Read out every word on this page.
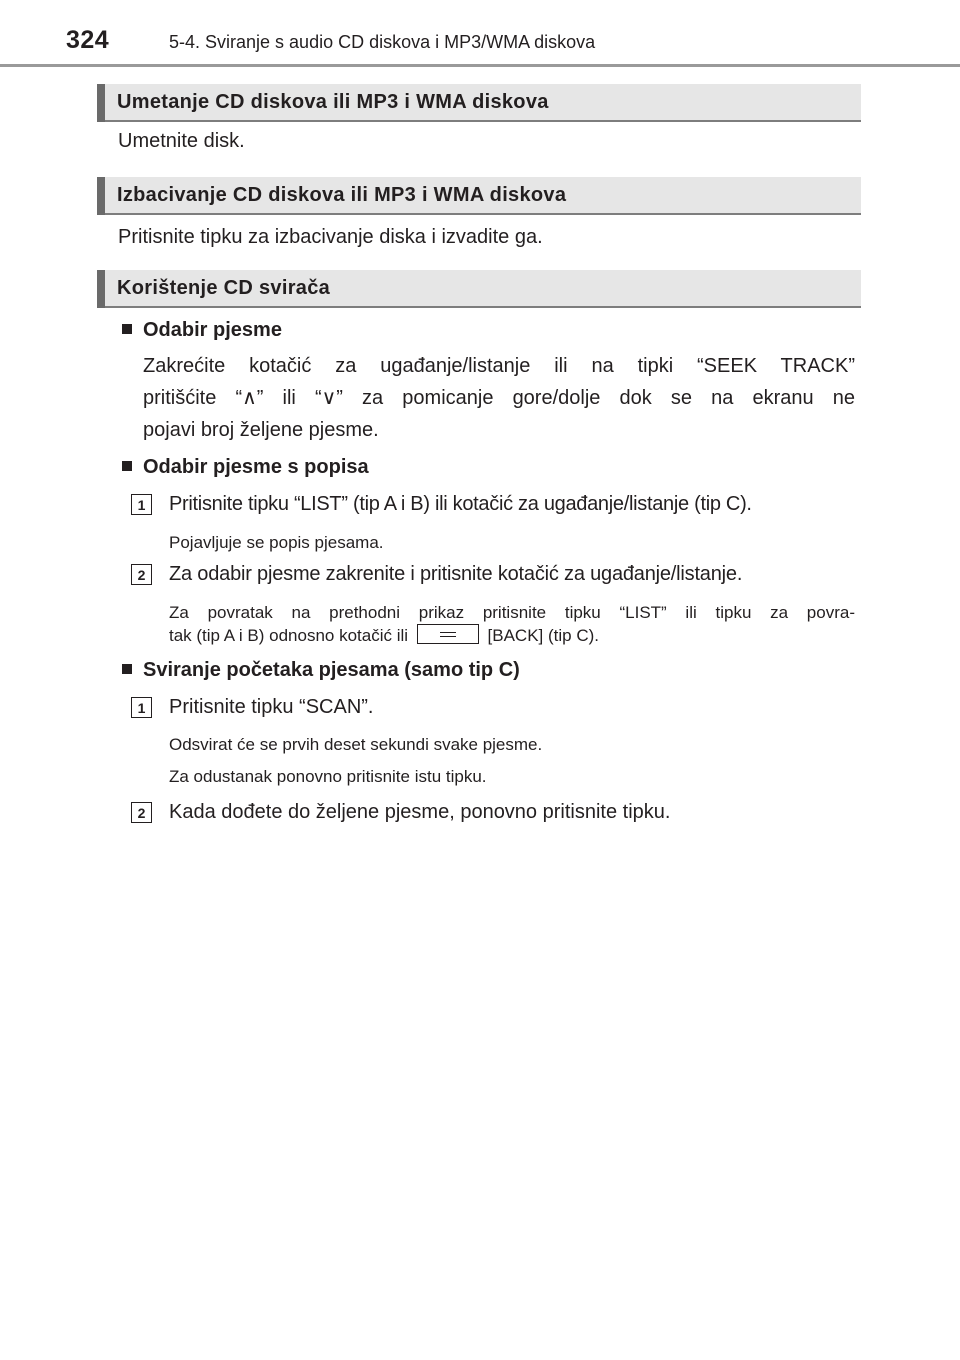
324	5-4. Sviranje s audio CD diskova i MP3/WMA diskova
Umetanje CD diskova ili MP3 i WMA diskova
Umetnite disk.
Izbacivanje CD diskova ili MP3 i WMA diskova
Pritisnite tipku za izbacivanje diska i izvadite ga.
Korištenje CD svirača
Odabir pjesme
Zakrećite kotačić za ugađanje/listanje ili na tipki “SEEK TRACK”
pritišćite “∧” ili “∨” za pomicanje gore/dolje dok se na ekranu ne
pojavi broj željene pjesme.
Odabir pjesme s popisa
1	Pritisnite tipku “LIST” (tip A i B) ili kotačić za ugađanje/listanje (tip C).
Pojavljuje se popis pjesama.
2	Za odabir pjesme zakrenite i pritisnite kotačić za ugađanje/listanje.
Za povratak na prethodni prikaz pritisnite tipku “LIST” ili tipku za povra-
tak (tip A i B) odnosno kotačić ili	[BACK] (tip C).
Sviranje početaka pjesama (samo tip C)
1	Pritisnite tipku “SCAN”.
Odsvirat će se prvih deset sekundi svake pjesme.
Za odustanak ponovno pritisnite istu tipku.
2	Kada dođete do željene pjesme, ponovno pritisnite tipku.
